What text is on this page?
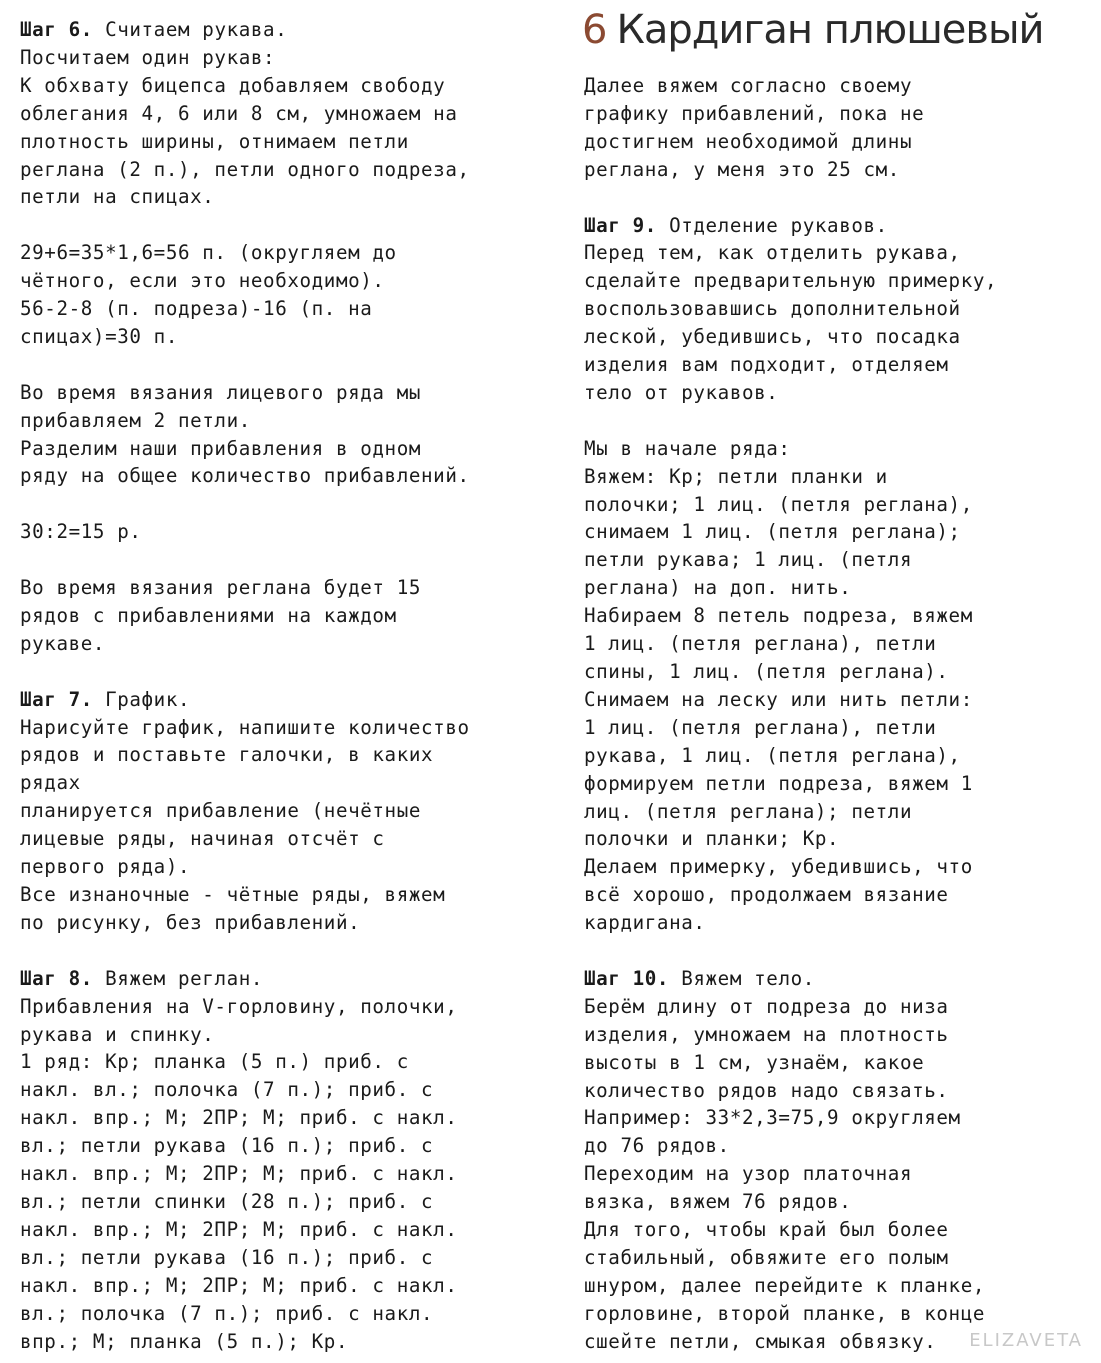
6 Кардиган плюшевый
Шаг 6. Считаем рукава.
Посчитаем один рукав:
К обхвату бицепса добавляем свободу
облегания 4, 6 или 8 см, умножаем на
плотность ширины, отнимаем петли
реглана (2 п.), петли одного подреза,
петли на спицах.
29+6=35*1,6=56 п. (округляем до
чётного, если это необходимо).
56-2-8 (п. подреза)-16 (п. на
спицах)=30 п.
Во время вязания лицевого ряда мы
прибавляем 2 петли.
Разделим наши прибавления в одном
ряду на общее количество прибавлений.
30:2=15 р.
Во время вязания реглана будет 15
рядов с прибавлениями на каждом
рукаве.
Шаг 7. График.
Нарисуйте график, напишите количество
рядов и поставьте галочки, в каких
рядах
планируется прибавление (нечётные
лицевые ряды, начиная отсчёт с
первого ряда).
Все изнаночные - чётные ряды, вяжем
по рисунку, без прибавлений.
Шаг 8. Вяжем реглан.
Прибавления на V-горловину, полочки,
рукава и спинку.
1 ряд: Кр; планка (5 п.) приб. с
накл. вл.; полочка (7 п.); приб. с
накл. впр.; М; 2ПР; М; приб. с накл.
вл.; петли рукава (16 п.); приб. с
накл. впр.; М; 2ПР; М; приб. с накл.
вл.; петли спинки (28 п.); приб. с
накл. впр.; М; 2ПР; М; приб. с накл.
вл.; петли рукава (16 п.); приб. с
накл. впр.; М; 2ПР; М; приб. с накл.
вл.; полочка (7 п.); приб. с накл.
впр.; М; планка (5 п.); Кр.
Далее вяжем согласно своему
графику прибавлений, пока не
достигнем необходимой длины
реглана, у меня это 25 см.
Шаг 9. Отделение рукавов.
Перед тем, как отделить рукава,
сделайте предварительную примерку,
воспользовавшись дополнительной
леской, убедившись, что посадка
изделия вам подходит, отделяем
тело от рукавов.
Мы в начале ряда:
Вяжем: Кр; петли планки и
полочки; 1 лиц. (петля реглана),
снимаем 1 лиц. (петля реглана);
петли рукава; 1 лиц. (петля
реглана) на доп. нить.
Набираем 8 петель подреза, вяжем
1 лиц. (петля реглана), петли
спины, 1 лиц. (петля реглана).
Снимаем на леску или нить петли:
1 лиц. (петля реглана), петли
рукава, 1 лиц. (петля реглана),
формируем петли подреза, вяжем 1
лиц. (петля реглана); петли
полочки и планки; Кр.
Делаем примерку, убедившись, что
всё хорошо, продолжаем вязание
кардигана.
Шаг 10. Вяжем тело.
Берём длину от подреза до низа
изделия, умножаем на плотность
высоты в 1 см, узнаём, какое
количество рядов надо связать.
Например: 33*2,3=75,9 округляем
до 76 рядов.
Переходим на узор платочная
вязка, вяжем 76 рядов.
Для того, чтобы край был более
стабильный, обвяжите его полым
шнуром, далее перейдите к планке,
горловине, второй планке, в конце
сшейте петли, смыкая обвязку.	ELIZAVETA
